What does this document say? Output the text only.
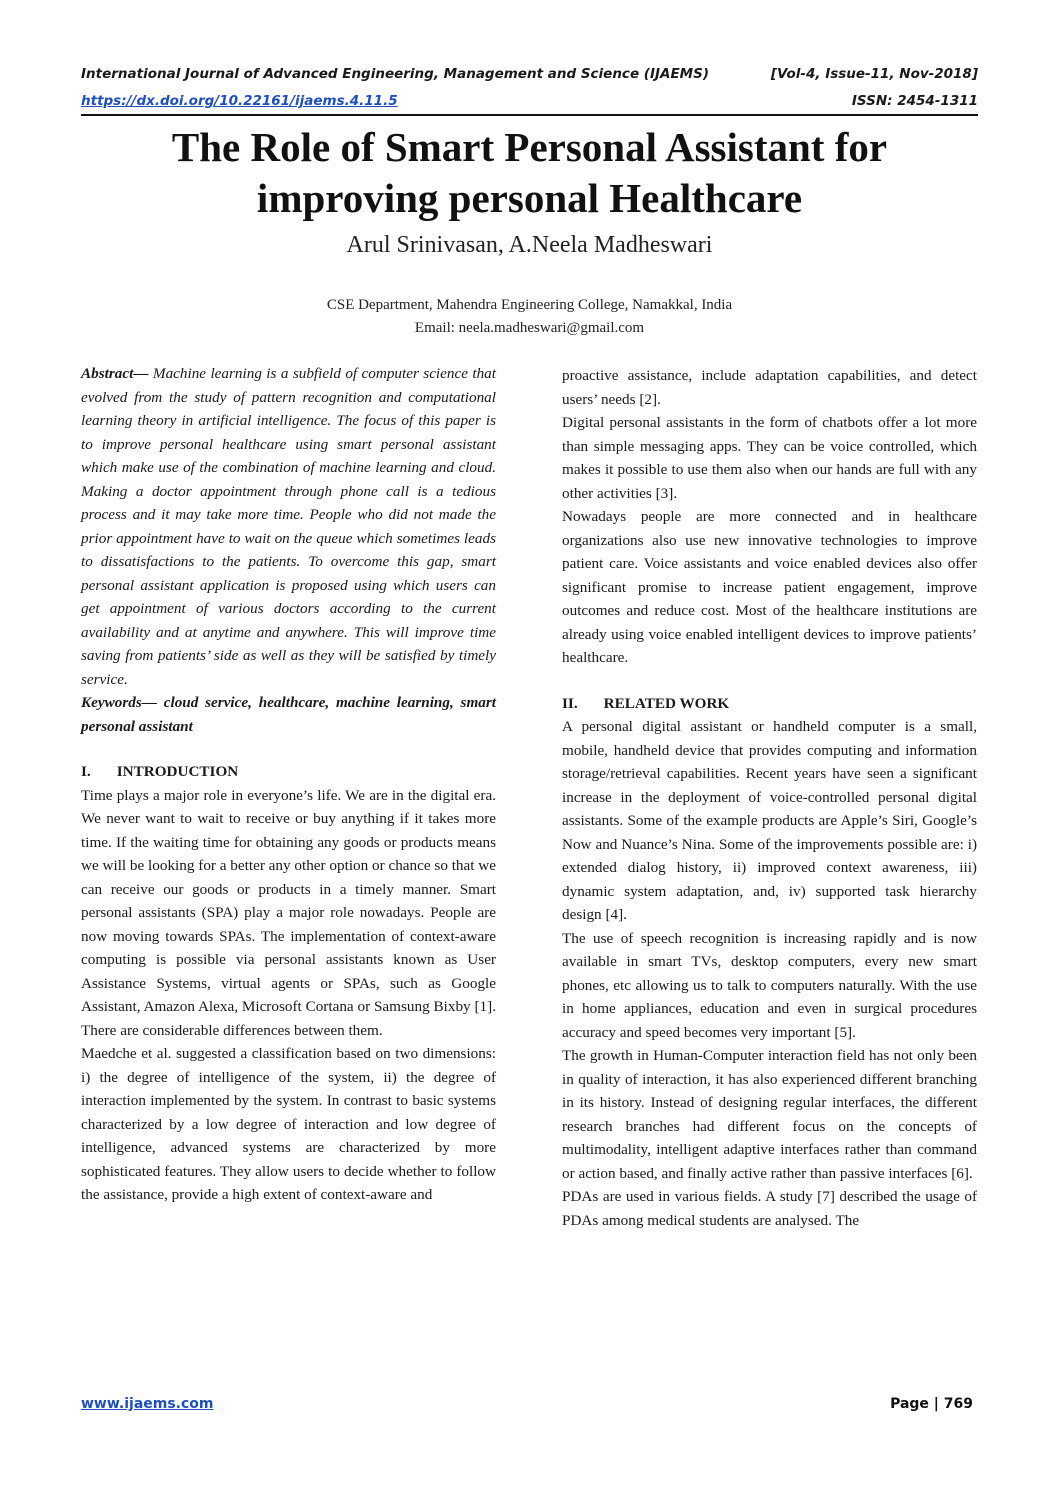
International Journal of Advanced Engineering, Management and Science (IJAEMS)	[Vol-4, Issue-11, Nov-2018]
https://dx.doi.org/10.22161/ijaems.4.11.5	ISSN: 2454-1311
The Role of Smart Personal Assistant for
improving personal Healthcare
Arul Srinivasan, A.Neela Madheswari
CSE Department, Mahendra Engineering College, Namakkal, India
Email: neela.madheswari@gmail.com

Abstract— Machine learning is a subfield of computer science that evolved from the study of pattern recognition and computational learning theory in artificial intelligence. The focus of this paper is to improve personal healthcare using smart personal assistant which make use of the combination of machine learning and cloud. Making a doctor appointment through phone call is a tedious process and it may take more time. People who did not made the prior appointment have to wait on the queue which sometimes leads to dissatisfactions to the patients. To overcome this gap, smart personal assistant application is proposed using which users can get appointment of various doctors according to the current availability and at anytime and anywhere. This will improve time saving from patients’ side as well as they will be satisfied by timely service.

Keywords— cloud service, healthcare, machine learning, smart personal assistant

I. INTRODUCTION

Time plays a major role in everyone’s life. We are in the digital era. We never want to wait to receive or buy anything if it takes more time. If the waiting time for obtaining any goods or products means we will be looking for a better any other option or chance so that we can receive our goods or products in a timely manner. Smart personal assistants (SPA) play a major role nowadays. People are now moving towards SPAs. The implementation of context-aware computing is possible via personal assistants known as User Assistance Systems, virtual agents or SPAs, such as Google Assistant, Amazon Alexa, Microsoft Cortana or Samsung Bixby [1]. There are considerable differences between them.

Maedche et al. suggested a classification based on two dimensions: i) the degree of intelligence of the system, ii) the degree of interaction implemented by the system. In contrast to basic systems characterized by a low degree of interaction and low degree of intelligence, advanced systems are characterized by more sophisticated features. They allow users to decide whether to follow the assistance, provide a high extent of context-aware and

proactive assistance, include adaptation capabilities, and detect users’ needs [2].

Digital personal assistants in the form of chatbots offer a lot more than simple messaging apps. They can be voice controlled, which makes it possible to use them also when our hands are full with any other activities [3].

Nowadays people are more connected and in healthcare organizations also use new innovative technologies to improve patient care. Voice assistants and voice enabled devices also offer significant promise to increase patient engagement, improve outcomes and reduce cost. Most of the healthcare institutions are already using voice enabled intelligent devices to improve patients’ healthcare.

II. RELATED WORK

A personal digital assistant or handheld computer is a small, mobile, handheld device that provides computing and information storage/retrieval capabilities. Recent years have seen a significant increase in the deployment of voice-controlled personal digital assistants. Some of the example products are Apple’s Siri, Google’s Now and Nuance’s Nina. Some of the improvements possible are: i) extended dialog history, ii) improved context awareness, iii) dynamic system adaptation, and, iv) supported task hierarchy design [4].

The use of speech recognition is increasing rapidly and is now available in smart TVs, desktop computers, every new smart phones, etc allowing us to talk to computers naturally. With the use in home appliances, education and even in surgical procedures accuracy and speed becomes very important [5].

The growth in Human-Computer interaction field has not only been in quality of interaction, it has also experienced different branching in its history. Instead of designing regular interfaces, the different research branches had different focus on the concepts of multimodality, intelligent adaptive interfaces rather than command or action based, and finally active rather than passive interfaces [6].

PDAs are used in various fields. A study [7] described the usage of PDAs among medical students are analysed. The

www.ijaems.com	Page | 769
